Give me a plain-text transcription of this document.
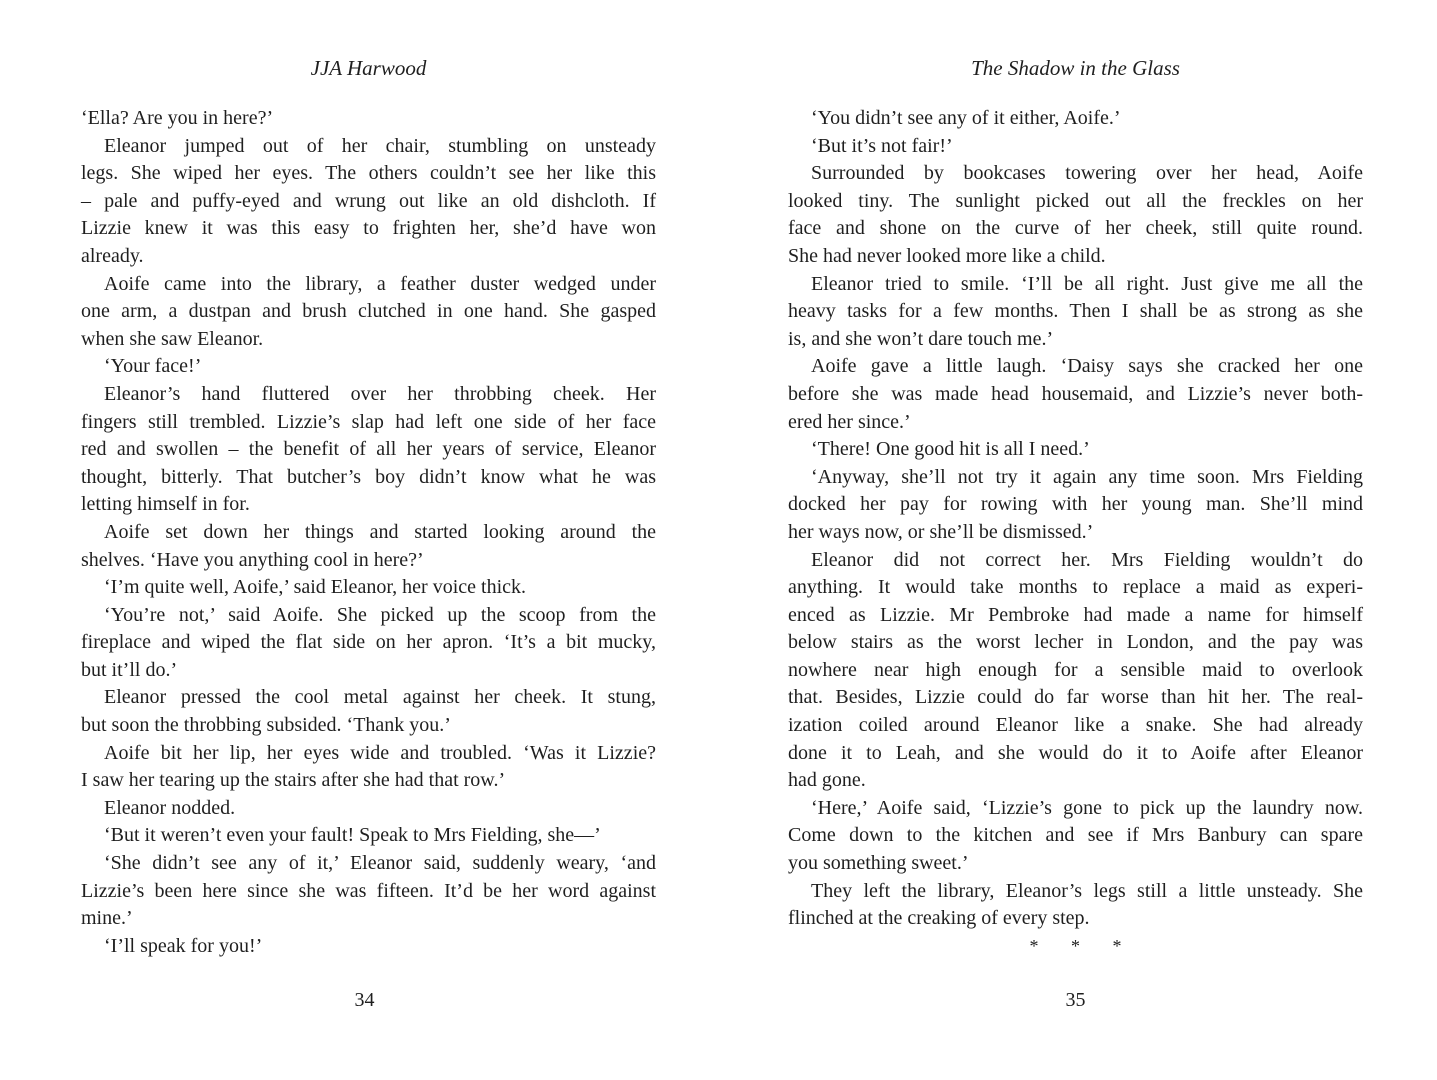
JJA Harwood
‘Ella? Are you in here?’
Eleanor jumped out of her chair, stumbling on unsteady
legs. She wiped her eyes. The others couldn’t see her like this
– pale and puffy-eyed and wrung out like an old dishcloth. If
Lizzie knew it was this easy to frighten her, she’d have won
already.
Aoife came into the library, a feather duster wedged under
one arm, a dustpan and brush clutched in one hand. She gasped
when she saw Eleanor.
‘Your face!’
Eleanor’s hand fluttered over her throbbing cheek. Her
fingers still trembled. Lizzie’s slap had left one side of her face
red and swollen – the benefit of all her years of service, Eleanor
thought, bitterly. That butcher’s boy didn’t know what he was
letting himself in for.
Aoife set down her things and started looking around the
shelves. ‘Have you anything cool in here?’
‘I’m quite well, Aoife,’ said Eleanor, her voice thick.
‘You’re not,’ said Aoife. She picked up the scoop from the
fireplace and wiped the flat side on her apron. ‘It’s a bit mucky,
but it’ll do.’
Eleanor pressed the cool metal against her cheek. It stung,
but soon the throbbing subsided. ‘Thank you.’
Aoife bit her lip, her eyes wide and troubled. ‘Was it Lizzie?
I saw her tearing up the stairs after she had that row.’
Eleanor nodded.
‘But it weren’t even your fault! Speak to Mrs Fielding, she—’
‘She didn’t see any of it,’ Eleanor said, suddenly weary, ‘and
Lizzie’s been here since she was fifteen. It’d be her word against
mine.’
‘I’ll speak for you!’
34
The Shadow in the Glass
‘You didn’t see any of it either, Aoife.’
‘But it’s not fair!’
Surrounded by bookcases towering over her head, Aoife
looked tiny. The sunlight picked out all the freckles on her
face and shone on the curve of her cheek, still quite round.
She had never looked more like a child.
Eleanor tried to smile. ‘I’ll be all right. Just give me all the
heavy tasks for a few months. Then I shall be as strong as she
is, and she won’t dare touch me.’
Aoife gave a little laugh. ‘Daisy says she cracked her one
before she was made head housemaid, and Lizzie’s never both-
ered her since.’
‘There! One good hit is all I need.’
‘Anyway, she’ll not try it again any time soon. Mrs Fielding
docked her pay for rowing with her young man. She’ll mind
her ways now, or she’ll be dismissed.’
Eleanor did not correct her. Mrs Fielding wouldn’t do
anything. It would take months to replace a maid as experi-
enced as Lizzie. Mr Pembroke had made a name for himself
below stairs as the worst lecher in London, and the pay was
nowhere near high enough for a sensible maid to overlook
that. Besides, Lizzie could do far worse than hit her. The real-
ization coiled around Eleanor like a snake. She had already
done it to Leah, and she would do it to Aoife after Eleanor
had gone.
‘Here,’ Aoife said, ‘Lizzie’s gone to pick up the laundry now.
Come down to the kitchen and see if Mrs Banbury can spare
you something sweet.’
They left the library, Eleanor’s legs still a little unsteady. She
flinched at the creaking of every step.
* * *
35
